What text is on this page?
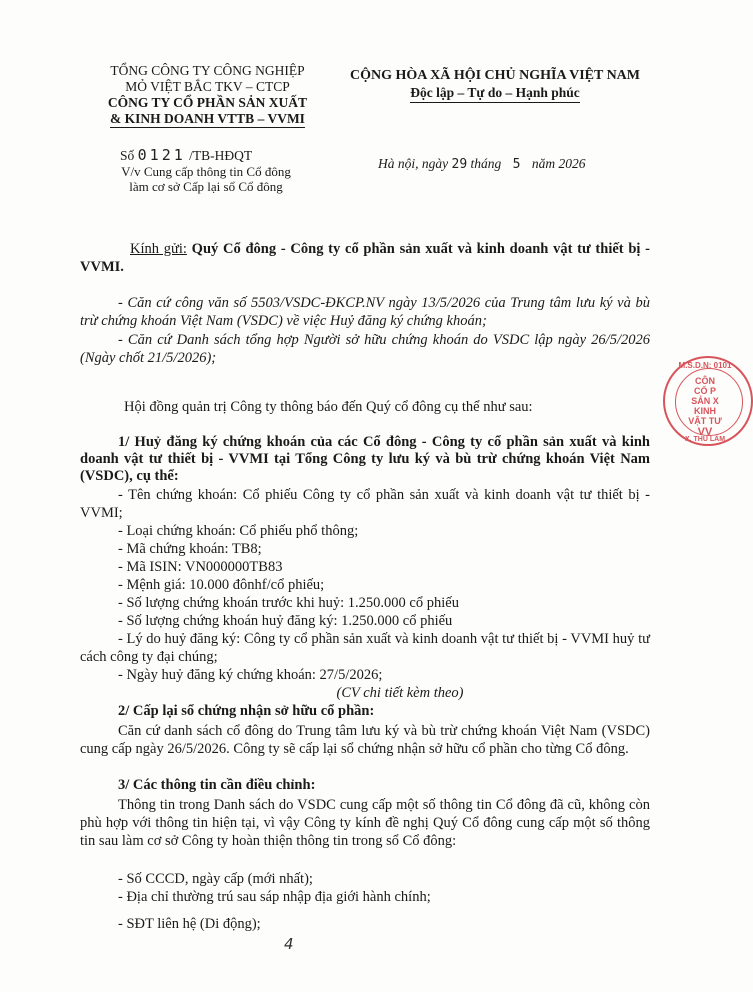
TỔNG CÔNG TY CÔNG NGHIỆP
MỎ VIỆT BẮC TKV – CTCP
CÔNG TY CỔ PHẦN SẢN XUẤT
& KINH DOANH VTTB – VVMI
CỘNG HÒA XÃ HỘI CHỦ NGHĨA VIỆT NAM
Độc lập – Tự do – Hạnh phúc
Số 0121 /TB-HĐQT
V/v Cung cấp thông tin Cổ đông
làm cơ sở Cấp lại sổ Cổ đông
Hà nội, ngày 29 tháng 5 năm 2026
Kính gửi: Quý Cổ đông - Công ty cổ phần sản xuất và kinh doanh vật tư thiết bị - VVMI.
- Căn cứ công văn số 5503/VSDC-ĐKCP.NV ngày 13/5/2026 của Trung tâm lưu ký và bù trừ chứng khoán Việt Nam (VSDC) về việc Huỷ đăng ký chứng khoán;
- Căn cứ Danh sách tổng hợp Người sở hữu chứng khoán do VSDC lập ngày 26/5/2026 (Ngày chốt 21/5/2026);
Hội đồng quản trị Công ty thông báo đến Quý cổ đông cụ thể như sau:
1/ Huỷ đăng ký chứng khoán của các Cổ đông - Công ty cổ phần sản xuất và kinh doanh vật tư thiết bị - VVMI tại Tổng Công ty lưu ký và bù trừ chứng khoán Việt Nam (VSDC), cụ thể:
- Tên chứng khoán: Cổ phiếu Công ty cổ phần sản xuất và kinh doanh vật tư thiết bị - VVMI;
- Loại chứng khoán: Cổ phiếu phổ thông;
- Mã chứng khoán: TB8;
- Mã ISIN: VN000000TB83
- Mệnh giá: 10.000 đônhf/cổ phiếu;
- Số lượng chứng khoán trước khi huỷ: 1.250.000 cổ phiếu
- Số lượng chứng khoán huỷ đăng ký: 1.250.000 cổ phiếu
- Lý do huỷ đăng ký: Công ty cổ phần sản xuất và kinh doanh vật tư thiết bị - VVMI huỷ tư cách công ty đại chúng;
- Ngày huỷ đăng ký chứng khoán: 27/5/2026;
(CV chi tiết kèm theo)
2/ Cấp lại sổ chứng nhận sở hữu cổ phần:
Căn cứ danh sách cổ đông do Trung tâm lưu ký và bù trừ chứng khoán Việt Nam (VSDC) cung cấp ngày 26/5/2026. Công ty sẽ cấp lại sổ chứng nhận sở hữu cổ phần cho từng Cổ đông.
3/ Các thông tin cần điều chỉnh:
Thông tin trong Danh sách do VSDC cung cấp một số thông tin Cổ đông đã cũ, không còn phù hợp với thông tin hiện tại, vì vậy Công ty kính đề nghị Quý Cổ đông cung cấp một số thông tin sau làm cơ sở Công ty hoàn thiện thông tin trong sổ Cổ đông:
- Số CCCD, ngày cấp (mới nhất);
- Địa chỉ thường trú sau sáp nhập địa giới hành chính;
- SĐT liên hệ (Di động);
M.S.D.N: 0101
CÔN
CỔ P
SẢN X
KINH
VẬT TƯ
VV
X. THU LÂM
4
